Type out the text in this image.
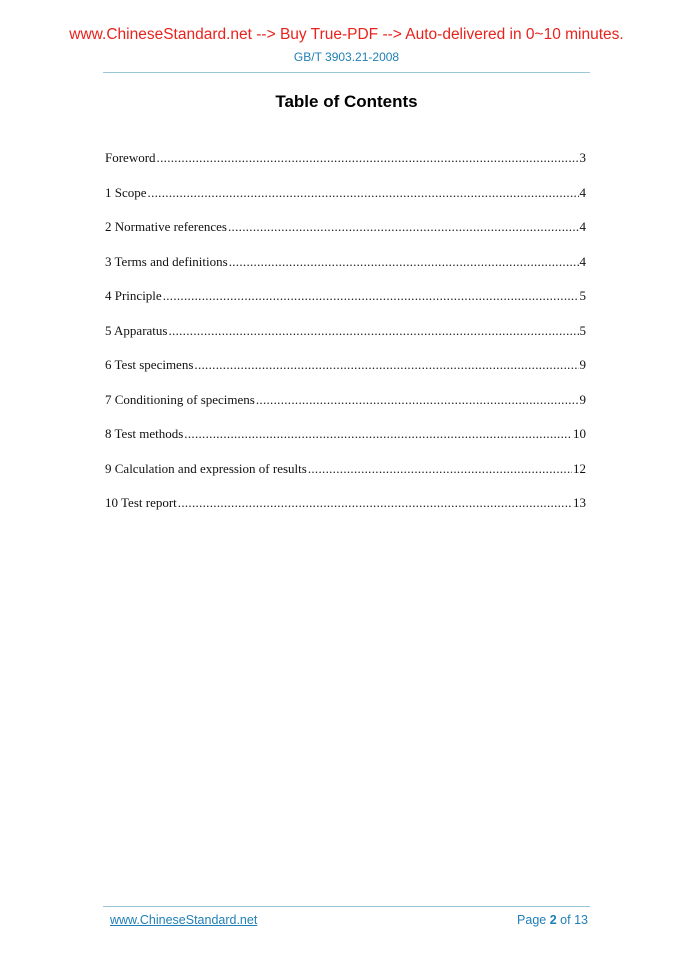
www.ChineseStandard.net --> Buy True-PDF --> Auto-delivered in 0~10 minutes.
GB/T 3903.21-2008
Table of Contents
Foreword .....	3
1 Scope .....	4
2 Normative references .....	4
3 Terms and definitions .....	4
4 Principle .....	5
5 Apparatus .....	5
6 Test specimens .....	9
7 Conditioning of specimens .....	9
8 Test methods .....	10
9 Calculation and expression of results .....	12
10 Test report .....	13
www.ChineseStandard.net	Page 2 of 13
